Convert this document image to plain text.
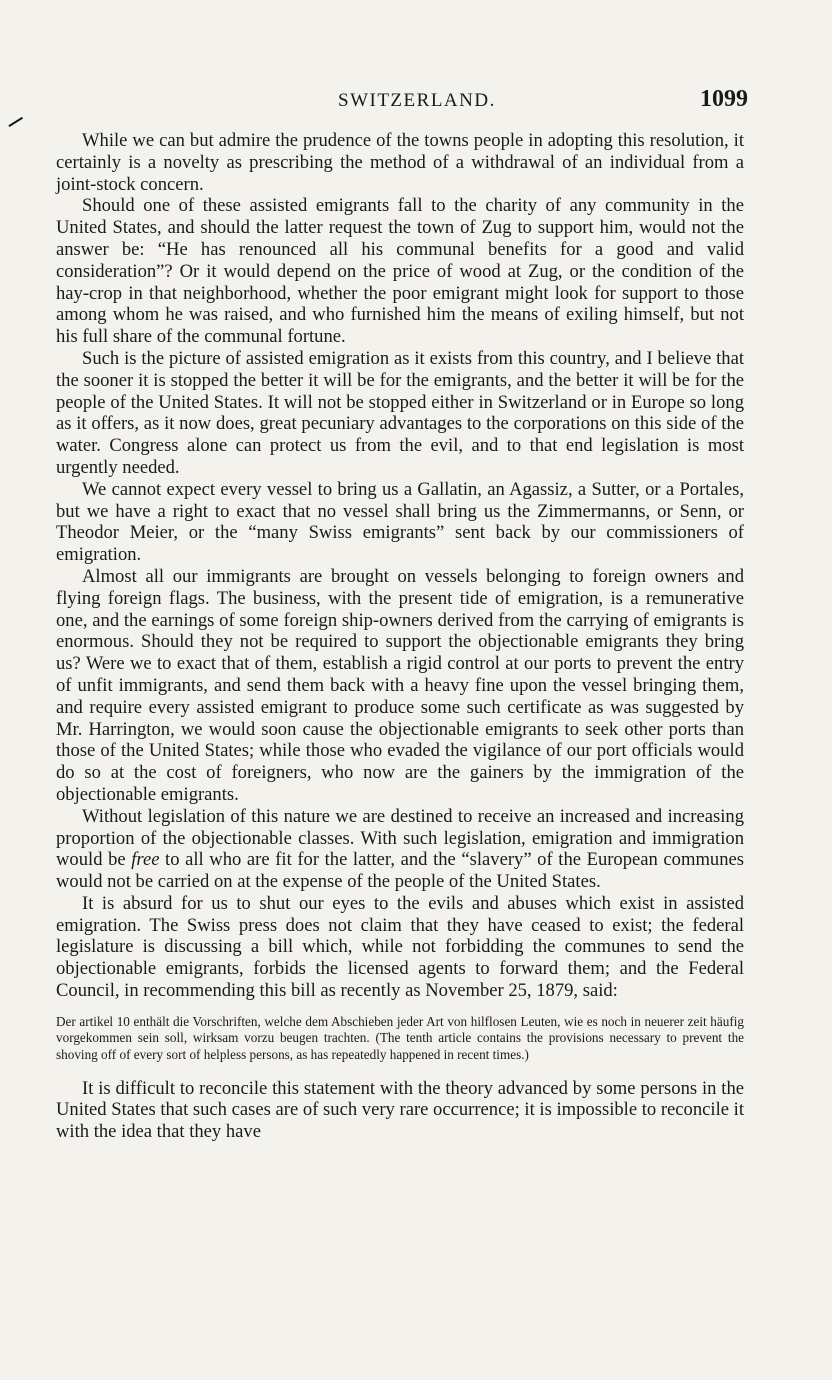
SWITZERLAND.	1099

While we can but admire the prudence of the towns people in adopting this resolution, it certainly is a novelty as prescribing the method of a withdrawal of an individual from a joint-stock concern.

Should one of these assisted emigrants fall to the charity of any community in the United States, and should the latter request the town of Zug to support him, would not the answer be: “He has renounced all his communal benefits for a good and valid consideration”? Or it would depend on the price of wood at Zug, or the condition of the hay-crop in that neighborhood, whether the poor emigrant might look for support to those among whom he was raised, and who furnished him the means of exiling himself, but not his full share of the communal fortune.

Such is the picture of assisted emigration as it exists from this country, and I believe that the sooner it is stopped the better it will be for the emigrants, and the better it will be for the people of the United States. It will not be stopped either in Switzerland or in Europe so long as it offers, as it now does, great pecuniary advantages to the corporations on this side of the water. Congress alone can protect us from the evil, and to that end legislation is most urgently needed.

We cannot expect every vessel to bring us a Gallatin, an Agassiz, a Sutter, or a Portales, but we have a right to exact that no vessel shall bring us the Zimmermanns, or Senn, or Theodor Meier, or the “many Swiss emigrants” sent back by our commissioners of emigration.

Almost all our immigrants are brought on vessels belonging to foreign owners and flying foreign flags. The business, with the present tide of emigration, is a remunerative one, and the earnings of some foreign ship-owners derived from the carrying of emigrants is enormous. Should they not be required to support the objectionable emigrants they bring us? Were we to exact that of them, establish a rigid control at our ports to prevent the entry of unfit immigrants, and send them back with a heavy fine upon the vessel bringing them, and require every assisted emigrant to produce some such certificate as was suggested by Mr. Harrington, we would soon cause the objectionable emigrants to seek other ports than those of the United States; while those who evaded the vigilance of our port officials would do so at the cost of foreigners, who now are the gainers by the immigration of the objectionable emigrants.

Without legislation of this nature we are destined to receive an increased and increasing proportion of the objectionable classes. With such legislation, emigration and immigration would be free to all who are fit for the latter, and the “slavery” of the European communes would not be carried on at the expense of the people of the United States.

It is absurd for us to shut our eyes to the evils and abuses which exist in assisted emigration. The Swiss press does not claim that they have ceased to exist; the federal legislature is discussing a bill which, while not forbidding the communes to send the objectionable emigrants, forbids the licensed agents to forward them; and the Federal Council, in recommending this bill as recently as November 25, 1879, said:

Der artikel 10 enthält die Vorschriften, welche dem Abschieben jeder Art von hilflosen Leuten, wie es noch in neuerer zeit häufig vorgekommen sein soll, wirksam vorzu beugen trachten. (The tenth article contains the provisions necessary to prevent the shoving off of every sort of helpless persons, as has repeatedly happened in recent times.)

It is difficult to reconcile this statement with the theory advanced by some persons in the United States that such cases are of such very rare occurrence; it is impossible to reconcile it with the idea that they have
